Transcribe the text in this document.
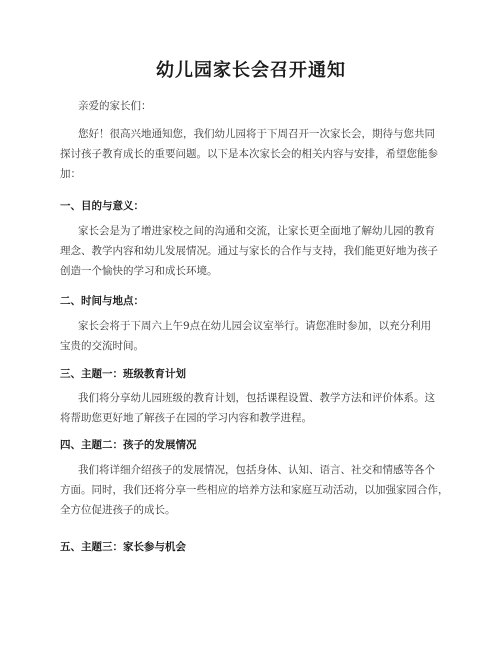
幼儿园家长会召开通知
亲爱的家长们：
您好！很高兴地通知您，我们幼儿园将于下周召开一次家长会，期待与您共同
探讨孩子教育成长的重要问题。以下是本次家长会的相关内容与安排，希望您能参
加：
一、目的与意义：
家长会是为了增进家校之间的沟通和交流，让家长更全面地了解幼儿园的教育
理念、教学内容和幼儿发展情况。通过与家长的合作与支持，我们能更好地为孩子
创造一个愉快的学习和成长环境。
二、时间与地点：
家长会将于下周六上午9点在幼儿园会议室举行。请您准时参加，以充分利用
宝贵的交流时间。
三、主题一：班级教育计划
我们将分享幼儿园班级的教育计划，包括课程设置、教学方法和评价体系。这
将帮助您更好地了解孩子在园的学习内容和教学进程。
四、主题二：孩子的发展情况
我们将详细介绍孩子的发展情况，包括身体、认知、语言、社交和情感等各个
方面。同时，我们还将分享一些相应的培养方法和家庭互动活动，以加强家园合作，
全方位促进孩子的成长。
五、主题三：家长参与机会
